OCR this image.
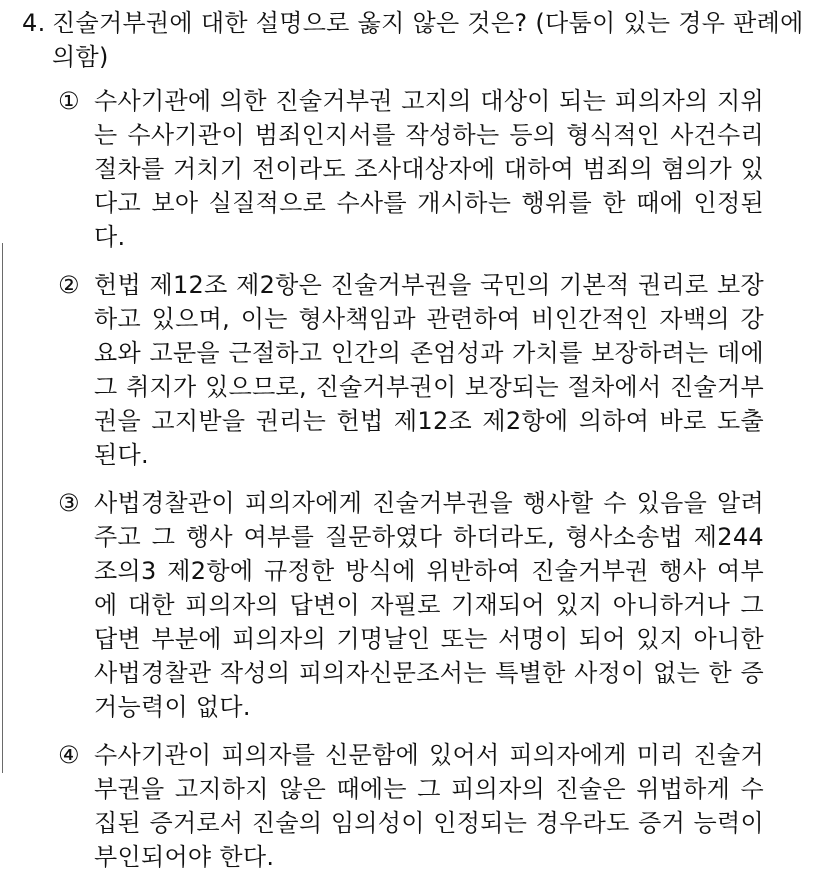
4. 진술거부권에 대한 설명으로 옳지 않은 것은? (다툼이 있는 경우 판례에 의함)
① 수사기관에 의한 진술거부권 고지의 대상이 되는 피의자의 지위는 수사기관이 범죄인지서를 작성하는 등의 형식적인 사건수리 절차를 거치기 전이라도 조사대상자에 대하여 범죄의 혐의가 있다고 보아 실질적으로 수사를 개시하는 행위를 한 때에 인정된다.
② 헌법 제12조 제2항은 진술거부권을 국민의 기본적 권리로 보장하고 있으며, 이는 형사책임과 관련하여 비인간적인 자백의 강요와 고문을 근절하고 인간의 존엄성과 가치를 보장하려는 데에 그 취지가 있으므로, 진술거부권이 보장되는 절차에서 진술거부권을 고지받을 권리는 헌법 제12조 제2항에 의하여 바로 도출된다.
③ 사법경찰관이 피의자에게 진술거부권을 행사할 수 있음을 알려 주고 그 행사 여부를 질문하였다 하더라도, 형사소송법 제244조의3 제2항에 규정한 방식에 위반하여 진술거부권 행사 여부에 대한 피의자의 답변이 자필로 기재되어 있지 아니하거나 그 답변 부분에 피의자의 기명날인 또는 서명이 되어 있지 아니한 사법경찰관 작성의 피의자신문조서는 특별한 사정이 없는 한 증거능력이 없다.
④ 수사기관이 피의자를 신문함에 있어서 피의자에게 미리 진술거부권을 고지하지 않은 때에는 그 피의자의 진술은 위법하게 수집된 증거로서 진술의 임의성이 인정되는 경우라도 증거 능력이 부인되어야 한다.
